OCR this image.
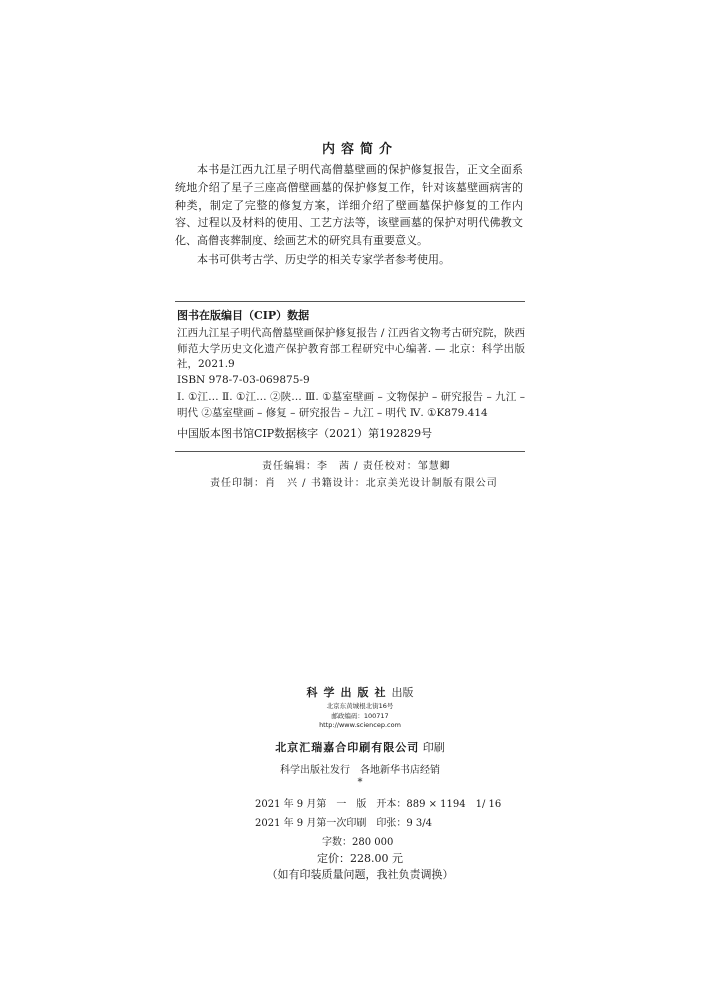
内容简介
本书是江西九江星子明代高僧墓壁画的保护修复报告，正文全面系统地介绍了星子三座高僧壁画墓的保护修复工作，针对该墓壁画病害的种类，制定了完整的修复方案，详细介绍了壁画墓保护修复的工作内容、过程以及材料的使用、工艺方法等，该壁画墓的保护对明代佛教文化、高僧丧葬制度、绘画艺术的研究具有重要意义。
本书可供考古学、历史学的相关专家学者参考使用。
图书在版编目（CIP）数据
江西九江星子明代高僧墓壁画保护修复报告 / 江西省文物考古研究院，陕西师范大学历史文化遗产保护教育部工程研究中心编著. — 北京：科学出版社，2021.9
ISBN 978-7-03-069875-9
Ⅰ. ①江… Ⅱ. ①江… ②陕… Ⅲ. ①墓室壁画 – 文物保护 – 研究报告 – 九江 – 明代 ②墓室壁画 – 修复 – 研究报告 – 九江 – 明代 Ⅳ. ①K879.414
中国版本图书馆CIP数据核字（2021）第192829号
责任编辑：李　茜 / 责任校对：邹慧卿
责任印制：肖　兴 / 书籍设计：北京美光设计制版有限公司
科学出版社出版
北京东黄城根北街16号
邮政编码：100717
http://www.sciencep.com
北京汇瑞嘉合印刷有限公司 印刷
科学出版社发行　各地新华书店经销
*
2021 年 9 月第　一　版　开本：889 × 1194　1/ 16
2021 年 9 月第一次印刷　印张：9 3/4
字数：280 000
定价：228.00 元
（如有印装质量问题，我社负责调换）
